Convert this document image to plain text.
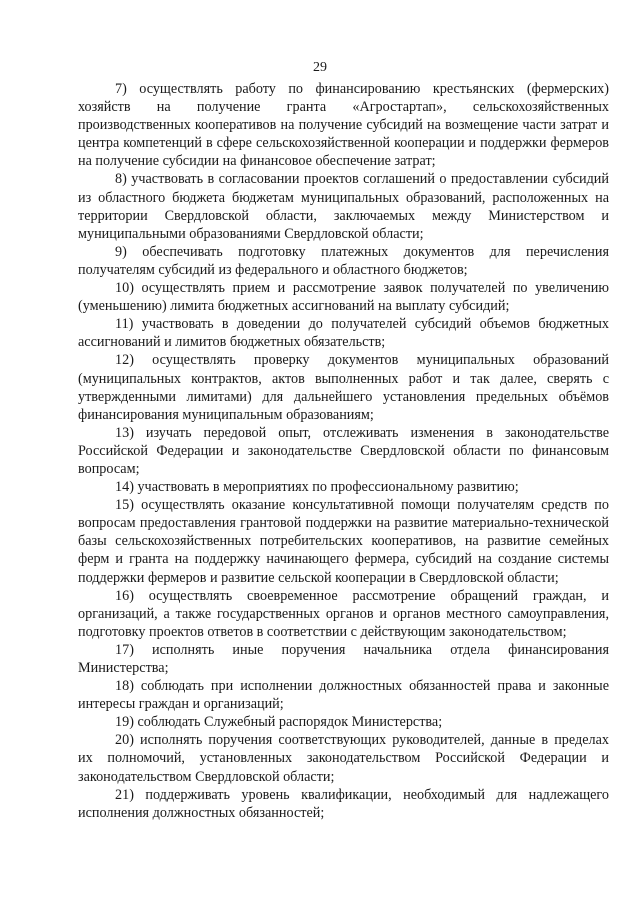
29

7) осуществлять работу по финансированию крестьянских (фермерских) хозяйств на получение гранта «Агростартап», сельскохозяйственных производственных кооперативов на получение субсидий на возмещение части затрат и центра компетенций в сфере сельскохозяйственной кооперации и поддержки фермеров на получение субсидии на финансовое обеспечение затрат;

8) участвовать в согласовании проектов соглашений о предоставлении субсидий из областного бюджета бюджетам муниципальных образований, расположенных на территории Свердловской области, заключаемых между Министерством и муниципальными образованиями Свердловской области;

9) обеспечивать подготовку платежных документов для перечисления получателям субсидий из федерального и областного бюджетов;

10) осуществлять прием и рассмотрение заявок получателей по увеличению (уменьшению) лимита бюджетных ассигнований на выплату субсидий;

11) участвовать в доведении до получателей субсидий объемов бюджетных ассигнований и лимитов бюджетных обязательств;

12) осуществлять проверку документов муниципальных образований (муниципальных контрактов, актов выполненных работ и так далее, сверять с утвержденными лимитами) для дальнейшего установления предельных объёмов финансирования муниципальным образованиям;

13) изучать передовой опыт, отслеживать изменения в законодательстве Российской Федерации и законодательстве Свердловской области по финансовым вопросам;

14) участвовать в мероприятиях по профессиональному развитию;

15) осуществлять оказание консультативной помощи получателям средств по вопросам предоставления грантовой поддержки на развитие материально-технической базы сельскохозяйственных потребительских кооперативов, на развитие семейных ферм и гранта на поддержку начинающего фермера, субсидий на создание системы поддержки фермеров и развитие сельской кооперации в Свердловской области;

16) осуществлять своевременное рассмотрение обращений граждан, и организаций, а также государственных органов и органов местного самоуправления, подготовку проектов ответов в соответствии с действующим законодательством;

17) исполнять иные поручения начальника отдела финансирования Министерства;

18) соблюдать при исполнении должностных обязанностей права и законные интересы граждан и организаций;

19) соблюдать Служебный распорядок Министерства;

20) исполнять поручения соответствующих руководителей, данные в пределах их полномочий, установленных законодательством Российской Федерации и законодательством Свердловской области;

21) поддерживать уровень квалификации, необходимый для надлежащего исполнения должностных обязанностей;
